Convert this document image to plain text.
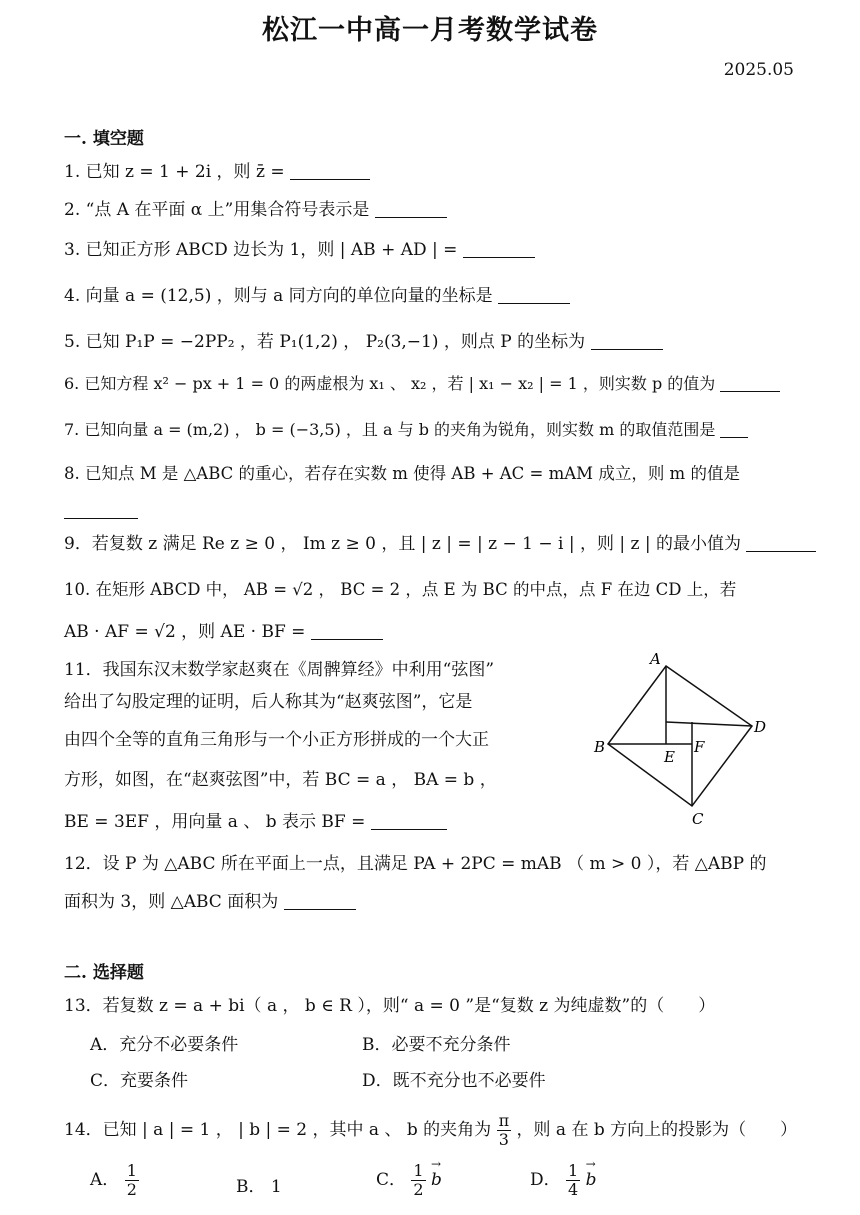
松江一中高一月考数学试卷
2025.05
一. 填空题
1. 已知 z = 1 + 2i ，则 z̄ =
2. “点 A 在平面 α 上”用集合符号表示是
3. 已知正方形 ABCD 边长为 1，则 | AB + AD | =
4. 向量 a = (12,5) ，则与 a 同方向的单位向量的坐标是
5. 已知 P₁P = −2PP₂ ，若 P₁(1,2) ， P₂(3,−1) ，则点 P 的坐标为
6. 已知方程 x² − px + 1 = 0 的两虚根为 x₁ 、 x₂ ，若 | x₁ − x₂ | = 1 ，则实数 p 的值为
7. 已知向量 a = (m,2) ， b = (−3,5) ，且 a 与 b 的夹角为锐角，则实数 m 的取值范围是
8. 已知点 M 是 △ABC 的重心，若存在实数 m 使得 AB + AC = mAM 成立，则 m 的值是
9．若复数 z 满足 Re z ≥ 0 ， Im z ≥ 0 ，且 | z | = | z − 1 − i | ，则 | z | 的最小值为
10. 在矩形 ABCD 中， AB = √2 ， BC = 2 ，点 E 为 BC 的中点，点 F 在边 CD 上，若
AB · AF = √2 ，则 AE · BF =
11．我国东汉末数学家赵爽在《周髀算经》中利用“弦图”
给出了勾股定理的证明，后人称其为“赵爽弦图”，它是
由四个全等的直角三角形与一个小正方形拼成的一个大正
方形，如图，在“赵爽弦图”中，若 BC = a ， BA = b ，
BE = 3EF ，用向量 a 、 b 表示 BF =
A
B
C
D
E
F
12．设 P 为 △ABC 所在平面上一点，且满足 PA + 2PC = mAB （ m > 0 ），若 △ABP 的
面积为 3，则 △ABC 面积为
二. 选择题
13．若复数 z = a + bi（ a ， b ∈ R ），则“ a = 0 ”是“复数 z 为纯虚数”的（　　）
A．充分不必要条件	B．必要不充分条件
C．充要条件	D．既不充分也不必要件
14．已知 | a | = 1 ， | b | = 2 ，其中 a 、 b 的夹角为 $\frac{\pi}{3}$ ，则 a 在 b 方向上的投影为（　　）
A． $\frac{1}{2}$	B． 1	C． $\frac{1}{2} \to b$	D． $\frac{1}{4} \to b$
